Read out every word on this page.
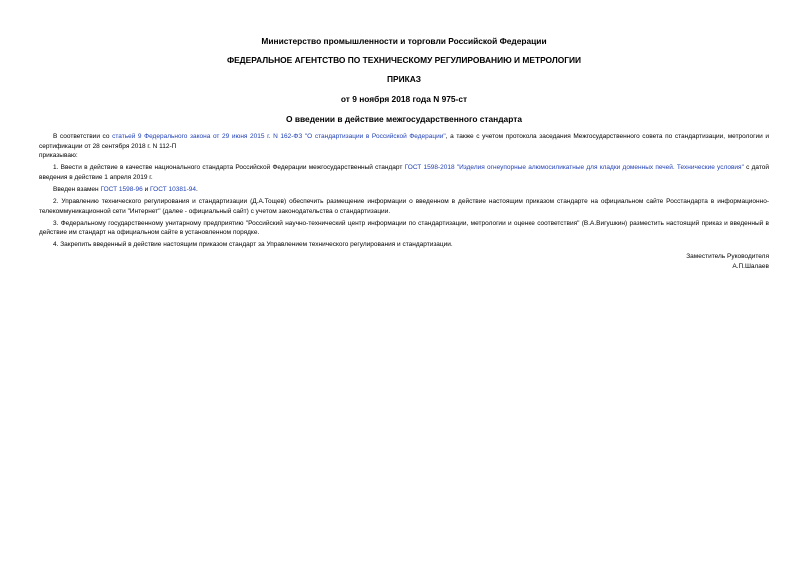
Министерство промышленности и торговли Российской Федерации
ФЕДЕРАЛЬНОЕ АГЕНТСТВО ПО ТЕХНИЧЕСКОМУ РЕГУЛИРОВАНИЮ И МЕТРОЛОГИИ
ПРИКАЗ
от 9 ноября 2018 года N 975-ст
О введении в действие межгосударственного стандарта

В соответствии со статьей 9 Федерального закона от 29 июня 2015 г. N 162-ФЗ "О стандартизации в Российской Федерации", а также с учетом протокола заседания Межгосударственного совета по стандартизации, метрологии и сертификации от 28 сентября 2018 г. N 112-П

приказываю:

1. Ввести в действие в качестве национального стандарта Российской Федерации межгосударственный стандарт ГОСТ 1598-2018 "Изделия огнеупорные алюмосиликатные для кладки доменных печей. Технические условия" с датой введения в действие 1 апреля 2019 г.

Введен взамен ГОСТ 1598-96 и ГОСТ 10381-94.

2. Управлению технического регулирования и стандартизации (Д.А.Тощев) обеспечить размещение информации о введенном в действие настоящим приказом стандарте на официальном сайте Росстандарта в информационно-телекоммуникационной сети "Интернет" (далее - официальный сайт) с учетом законодательства о стандартизации.

3. Федеральному государственному унитарному предприятию "Российский научно-технический центр информации по стандартизации, метрологии и оценке соответствия" (В.А.Вигушкин) разместить настоящий приказ и введенный в действие им стандарт на официальном сайте в установленном порядке.

4. Закрепить введенный в действие настоящим приказом стандарт за Управлением технического регулирования и стандартизации.

Заместитель Руководителя

А.П.Шалаев
